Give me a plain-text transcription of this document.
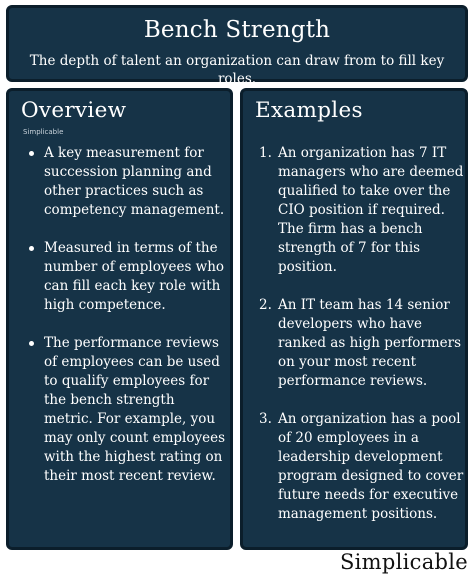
Bench Strength
The depth of talent an organization can draw from to fill key roles.
Overview
Simplicable
A key measurement for succession planning and other practices such as competency management.
Measured in terms of the number of employees who can fill each key role with high competence.
The performance reviews of employees can be used to qualify employees for the bench strength metric. For example, you may only count employees with the highest rating on their most recent review.
Examples
1. An organization has 7 IT managers who are deemed qualified to take over the CIO position if required. The firm has a bench strength of 7 for this position.
2. An IT team has 14 senior developers who have ranked as high performers on your most recent performance reviews.
3. An organization has a pool of 20 employees in a leadership development program designed to cover future needs for executive management positions.
Simplicable
